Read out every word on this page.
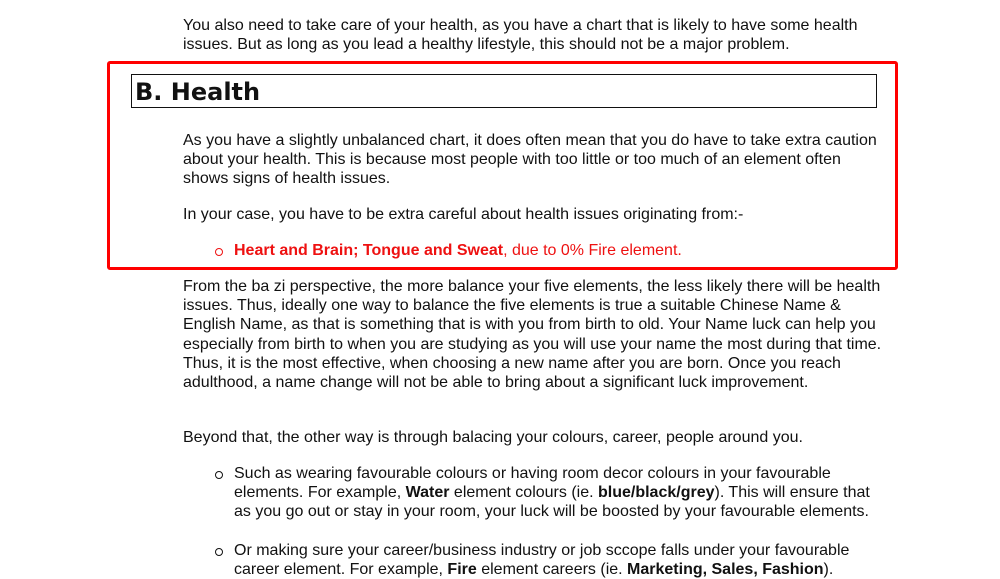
You also need to take care of your health, as you have a chart that is likely to have some health issues. But as long as you lead a healthy lifestyle, this should not be a major problem.

B. Health

As you have a slightly unbalanced chart, it does often mean that you do have to take extra caution about your health. This is because most people with too little or too much of an element often shows signs of health issues.

In your case, you have to be extra careful about health issues originating from:-

Heart and Brain; Tongue and Sweat, due to 0% Fire element.

From the ba zi perspective, the more balance your five elements, the less likely there will be health issues. Thus, ideally one way to balance the five elements is true a suitable Chinese Name & English Name, as that is something that is with you from birth to old. Your Name luck can help you especially from birth to when you are studying as you will use your name the most during that time. Thus, it is the most effective, when choosing a new name after you are born. Once you reach adulthood, a name change will not be able to bring about a significant luck improvement.

Beyond that, the other way is through balacing your colours, career, people around you.

Such as wearing favourable colours or having room decor colours in your favourable elements. For example, Water element colours (ie. blue/black/grey). This will ensure that as you go out or stay in your room, your luck will be boosted by your favourable elements.
Or making sure your career/business industry or job sccope falls under your favourable career element. For example, Fire element careers (ie. Marketing, Sales, Fashion).
